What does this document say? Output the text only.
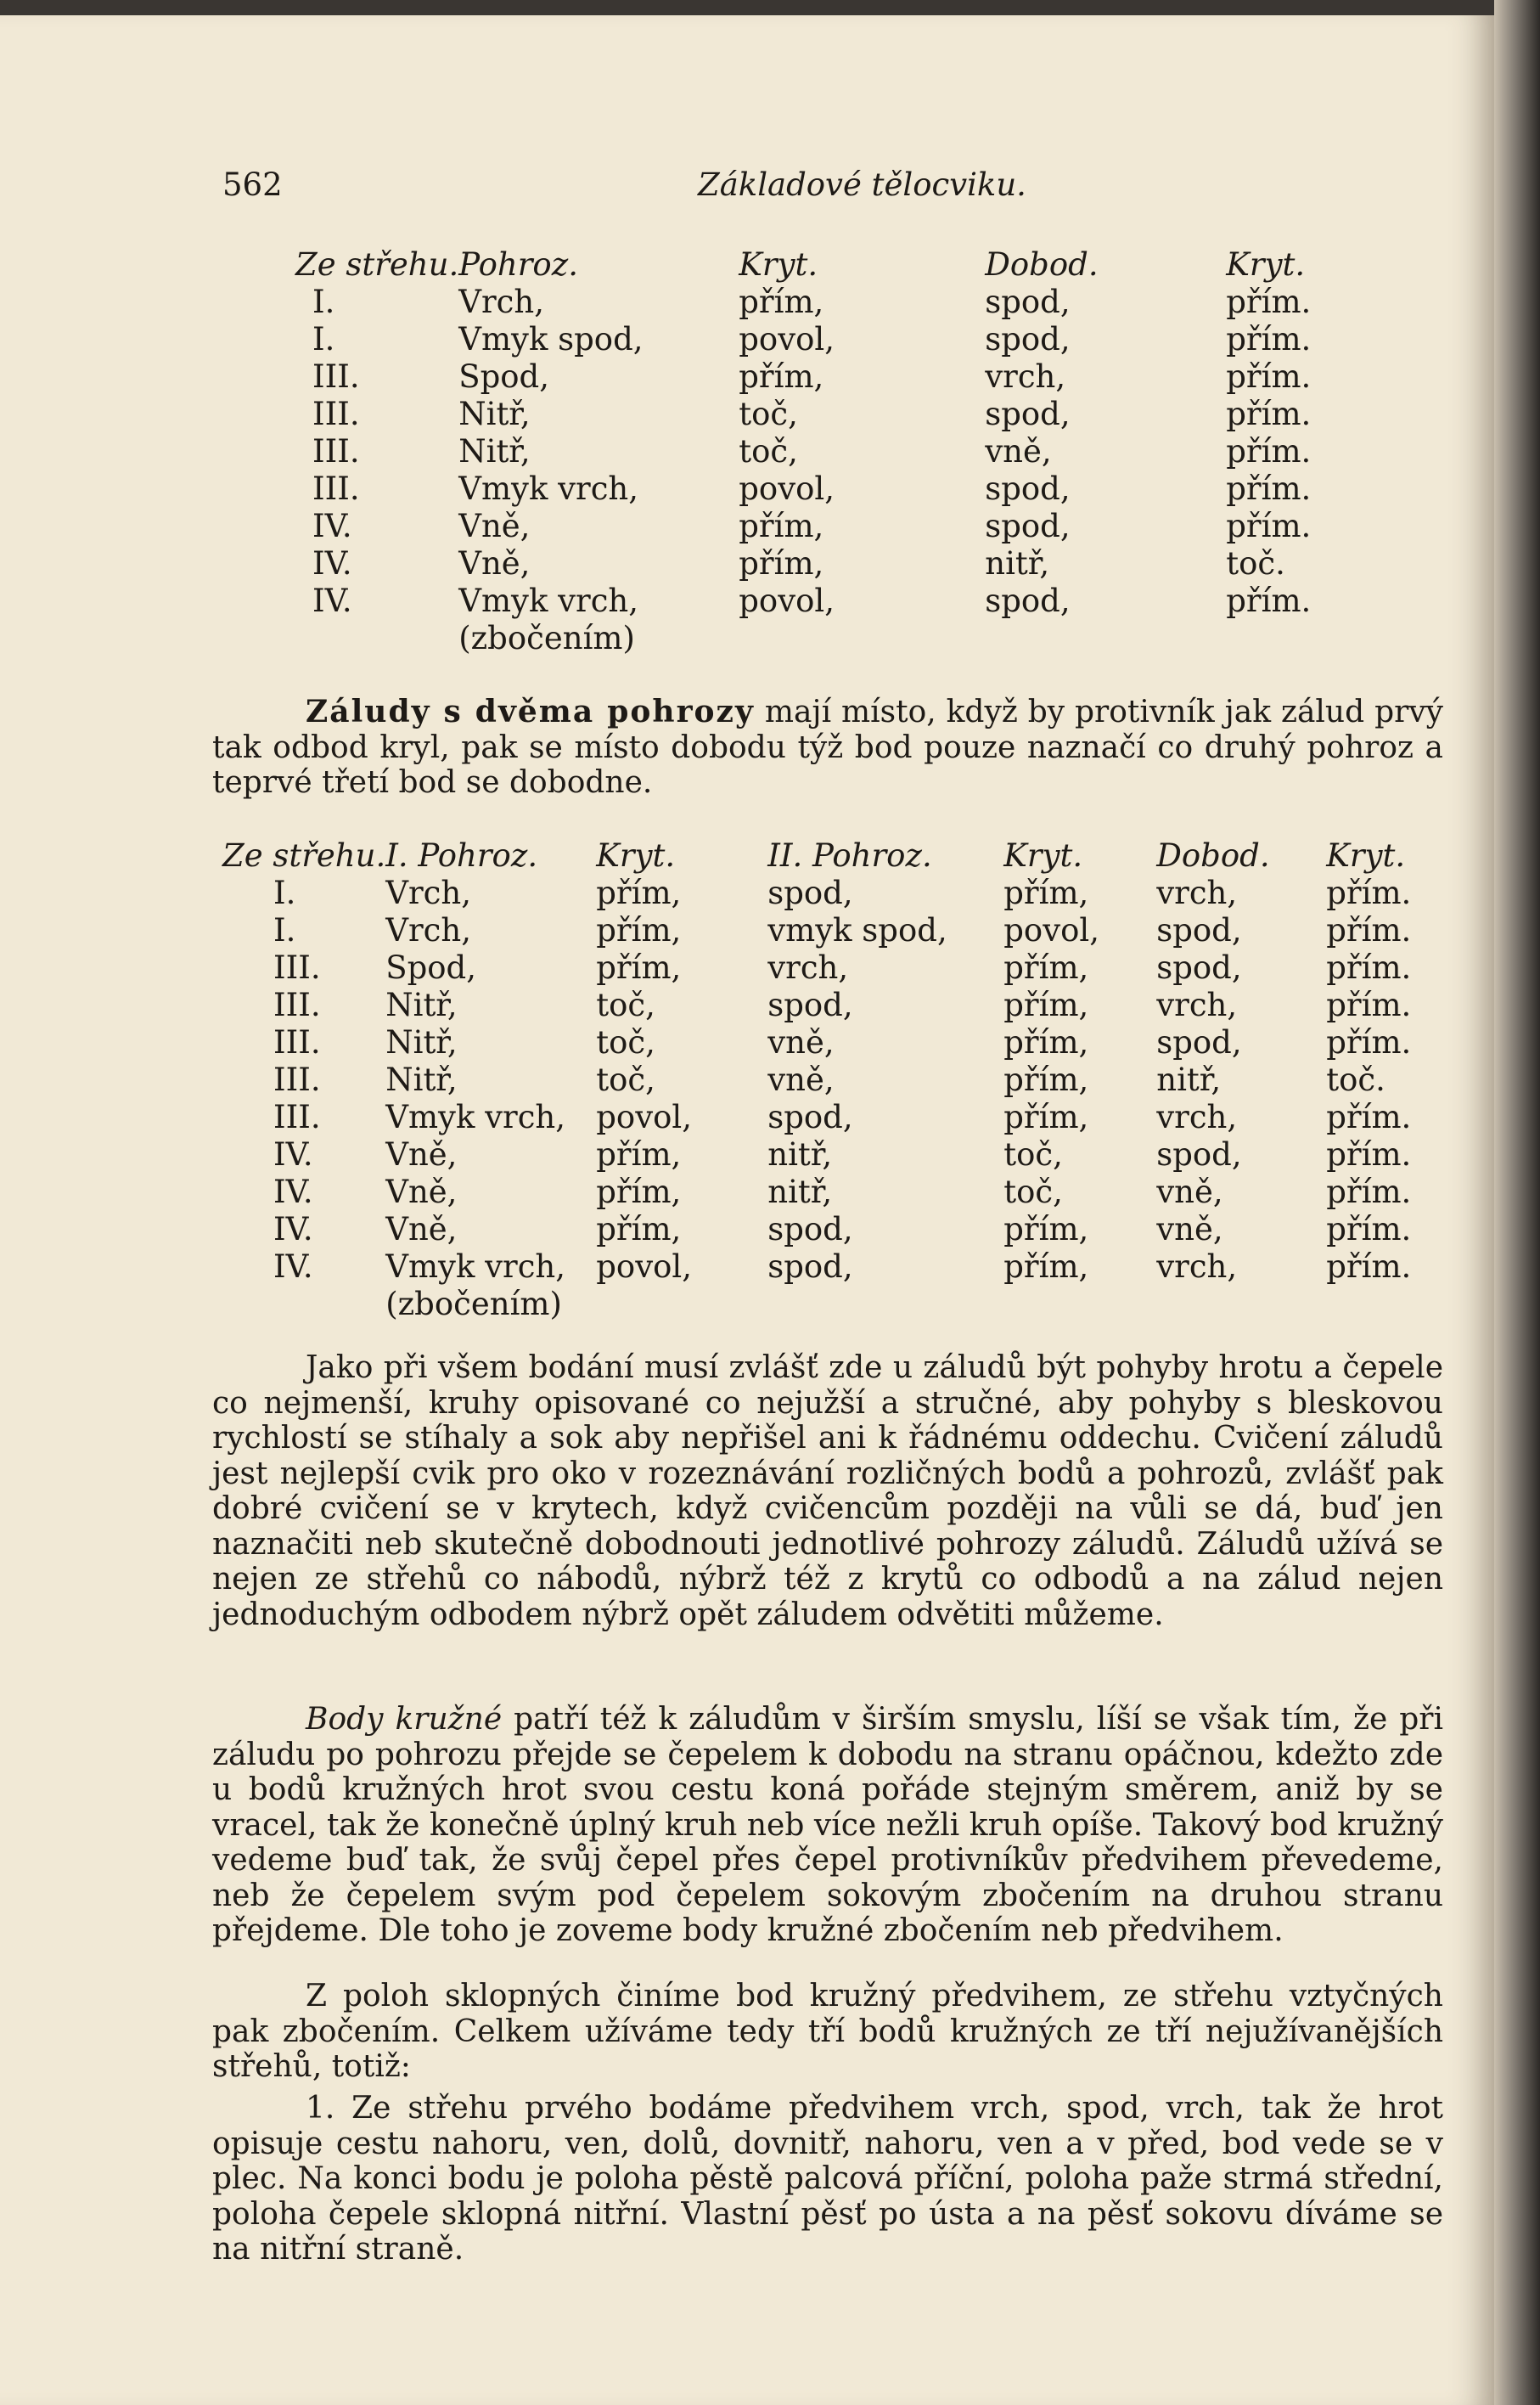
562	Základové tělocviku.
Ze střehu.	Pohroz.	Kryt.	Dobod.	Kryt.
I.	Vrch,	přím,	spod,	přím.
I.	Vmyk spod,	povol,	spod,	přím.
III.	Spod,	přím,	vrch,	přím.
III.	Nitř,	toč,	spod,	přím.
III.	Nitř,	toč,	vně,	přím.
III.	Vmyk vrch,	povol,	spod,	přím.
IV.	Vně,	přím,	spod,	přím.
IV.	Vně,	přím,	nitř,	toč.
IV.	Vmyk vrch,	povol,	spod,	přím.
	(zbočením)			

Záludy s dvěma pohrozy mají místo, když by protivník jak zálud prvý tak odbod kryl, pak se místo dobodu týž bod pouze naznačí co druhý pohroz a teprvé třetí bod se dobodne.

Ze střehu.	I. Pohroz.	Kryt.	II. Pohroz.	Kryt.	Dobod.	Kryt.
I.	Vrch,	přím,	spod,	přím,	vrch,	přím.
I.	Vrch,	přím,	vmyk spod,	povol,	spod,	přím.
III.	Spod,	přím,	vrch,	přím,	spod,	přím.
III.	Nitř,	toč,	spod,	přím,	vrch,	přím.
III.	Nitř,	toč,	vně,	přím,	spod,	přím.
III.	Nitř,	toč,	vně,	přím,	nitř,	toč.
III.	Vmyk vrch,	povol,	spod,	přím,	vrch,	přím.
IV.	Vně,	přím,	nitř,	toč,	spod,	přím.
IV.	Vně,	přím,	nitř,	toč,	vně,	přím.
IV.	Vně,	přím,	spod,	přím,	vně,	přím.
IV.	Vmyk vrch,	povol,	spod,	přím,	vrch,	přím.
	(zbočením)					

Jako při všem bodání musí zvlášť zde u záludů být pohyby hrotu a čepele co nejmenší, kruhy opisované co nejužší a stručné, aby pohyby s bleskovou rychlostí se stíhaly a sok aby nepřišel ani k řádnému oddechu. Cvičení záludů jest nejlepší cvik pro oko v rozeznávání rozličných bodů a pohrozů, zvlášť pak dobré cvičení se v krytech, když cvičencům později na vůli se dá, buď jen naznačiti neb skutečně dobodnouti jednotlivé pohrozy záludů. Záludů užívá se nejen ze střehů co nábodů, nýbrž též z krytů co odbodů a na zálud nejen jednoduchým odbodem nýbrž opět záludem odvětiti můžeme.

Body kružné patří též k záludům v širším smyslu, líší se však tím, že při záludu po pohrozu přejde se čepelem k dobodu na stranu opáčnou, kdežto zde u bodů kružných hrot svou cestu koná pořáde stejným směrem, aniž by se vracel, tak že konečně úplný kruh neb více nežli kruh opíše. Takový bod kružný vedeme buď tak, že svůj čepel přes čepel protivníkův předvihem převedeme, neb že čepelem svým pod čepelem sokovým zbočením na druhou stranu přejdeme. Dle toho je zoveme body kružné zbočením neb předvihem.

Z poloh sklopných činíme bod kružný předvihem, ze střehu vztyčných pak zbočením. Celkem užíváme tedy tří bodů kružných ze tří nejužívanějších střehů, totiž:

1. Ze střehu prvého bodáme předvihem vrch, spod, vrch, tak že hrot opisuje cestu nahoru, ven, dolů, dovnitř, nahoru, ven a v před, bod vede se v plec. Na konci bodu je poloha pěstě palcová příční, poloha paže strmá střední, poloha čepele sklopná nitřní. Vlastní pěsť po ústa a na pěsť sokovu díváme se na nitřní straně.
